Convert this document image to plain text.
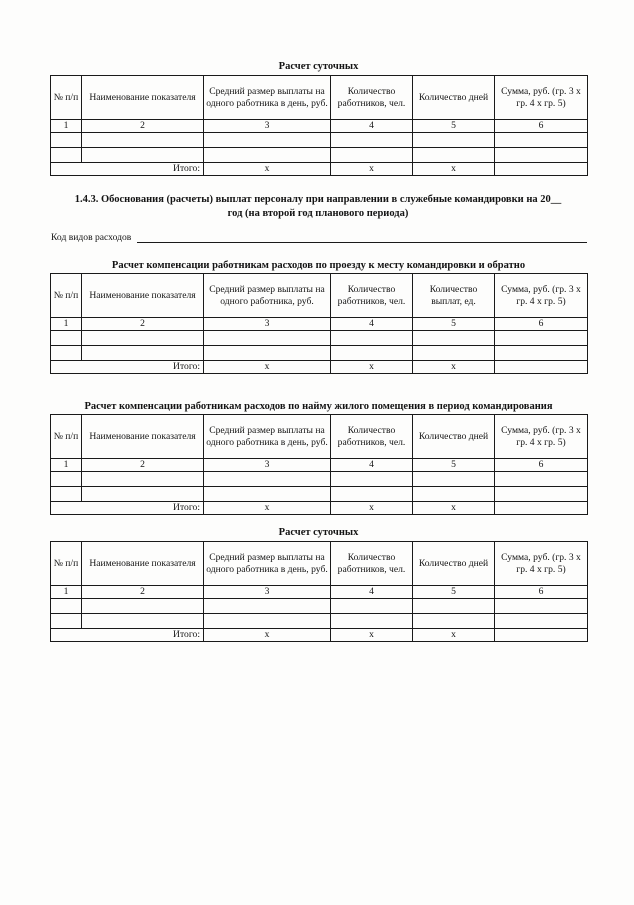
Расчет суточных
№ п/п	Наименование показателя	Средний размер выплаты на одного работника в день, руб.	Количество работников, чел.	Количество дней	Сумма, руб. (гр. 3 x гр. 4 x гр. 5)
1	2	3	4	5	6

Итого:		x	x	x	
1.4.3. Обоснования (расчеты) выплат персоналу при направлении в служебные командировки на 20__
год (на второй год планового периода)
Код видов расходов
Расчет компенсации работникам расходов по проезду к месту командировки и обратно
№ п/п	Наименование показателя	Средний размер выплаты на одного работника, руб.	Количество работников, чел.	Количество выплат, ед.	Сумма, руб. (гр. 3 x гр. 4 x гр. 5)
1	2	3	4	5	6

Итого:		x	x	x	
Расчет компенсации работникам расходов по найму жилого помещения в период командирования
№ п/п	Наименование показателя	Средний размер выплаты на одного работника в день, руб.	Количество работников, чел.	Количество дней	Сумма, руб. (гр. 3 x гр. 4 x гр. 5)
1	2	3	4	5	6

Итого:		x	x	x	
Расчет суточных
№ п/п	Наименование показателя	Средний размер выплаты на одного работника в день, руб.	Количество работников, чел.	Количество дней	Сумма, руб. (гр. 3 x гр. 4 x гр. 5)
1	2	3	4	5	6

Итого:		x	x	x	
